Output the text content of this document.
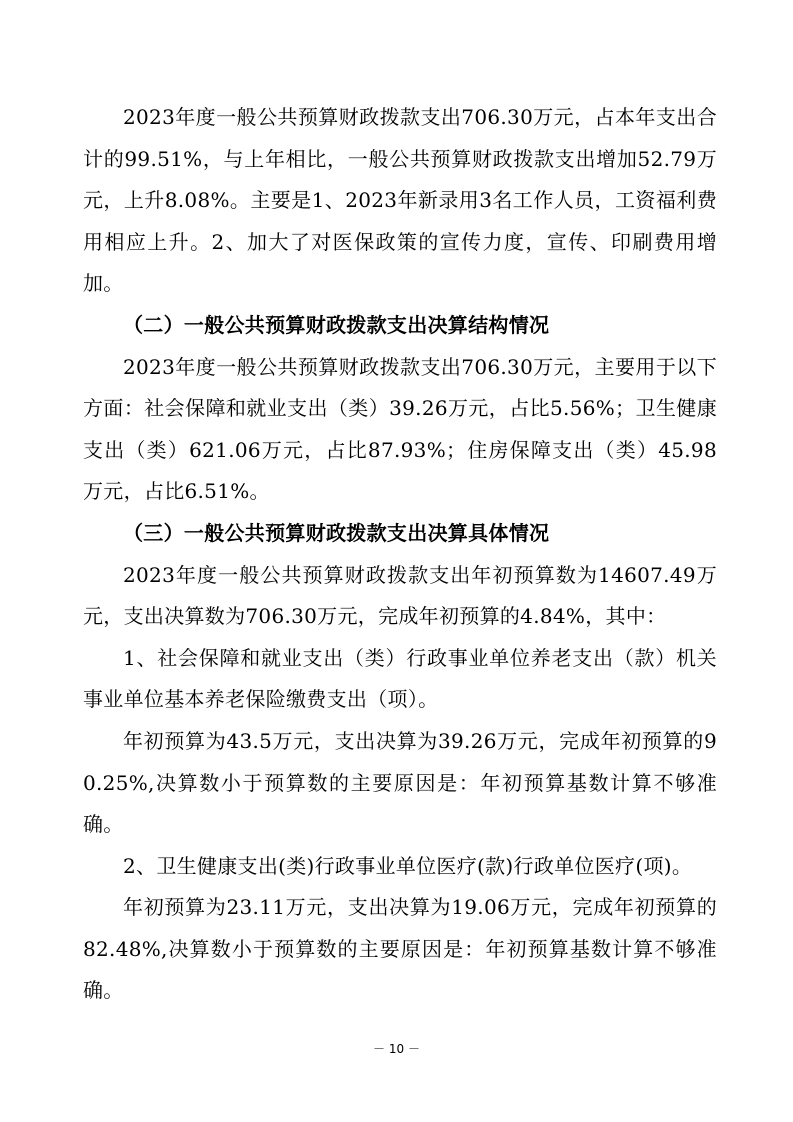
2023年度一般公共预算财政拨款支出706.30万元，占本年支出合计的99.51%，与上年相比，一般公共预算财政拨款支出增加52.79万元，上升8.08%。主要是1、2023年新录用3名工作人员，工资福利费用相应上升。2、加大了对医保政策的宣传力度，宣传、印刷费用增加。

（二）一般公共预算财政拨款支出决算结构情况

2023年度一般公共预算财政拨款支出706.30万元，主要用于以下方面：社会保障和就业支出（类）39.26万元，占比5.56%；卫生健康支出（类）621.06万元，占比87.93%；住房保障支出（类）45.98万元，占比6.51%。

（三）一般公共预算财政拨款支出决算具体情况

2023年度一般公共预算财政拨款支出年初预算数为14607.49万元，支出决算数为706.30万元，完成年初预算的4.84%，其中：

1、社会保障和就业支出（类）行政事业单位养老支出（款）机关事业单位基本养老保险缴费支出（项）。

年初预算为43.5万元，支出决算为39.26万元，完成年初预算的90.25%,决算数小于预算数的主要原因是：年初预算基数计算不够准确。

2、卫生健康支出(类)行政事业单位医疗(款)行政单位医疗(项)。

年初预算为23.11万元，支出决算为19.06万元，完成年初预算的82.48%,决算数小于预算数的主要原因是：年初预算基数计算不够准确。

－ 10 －
